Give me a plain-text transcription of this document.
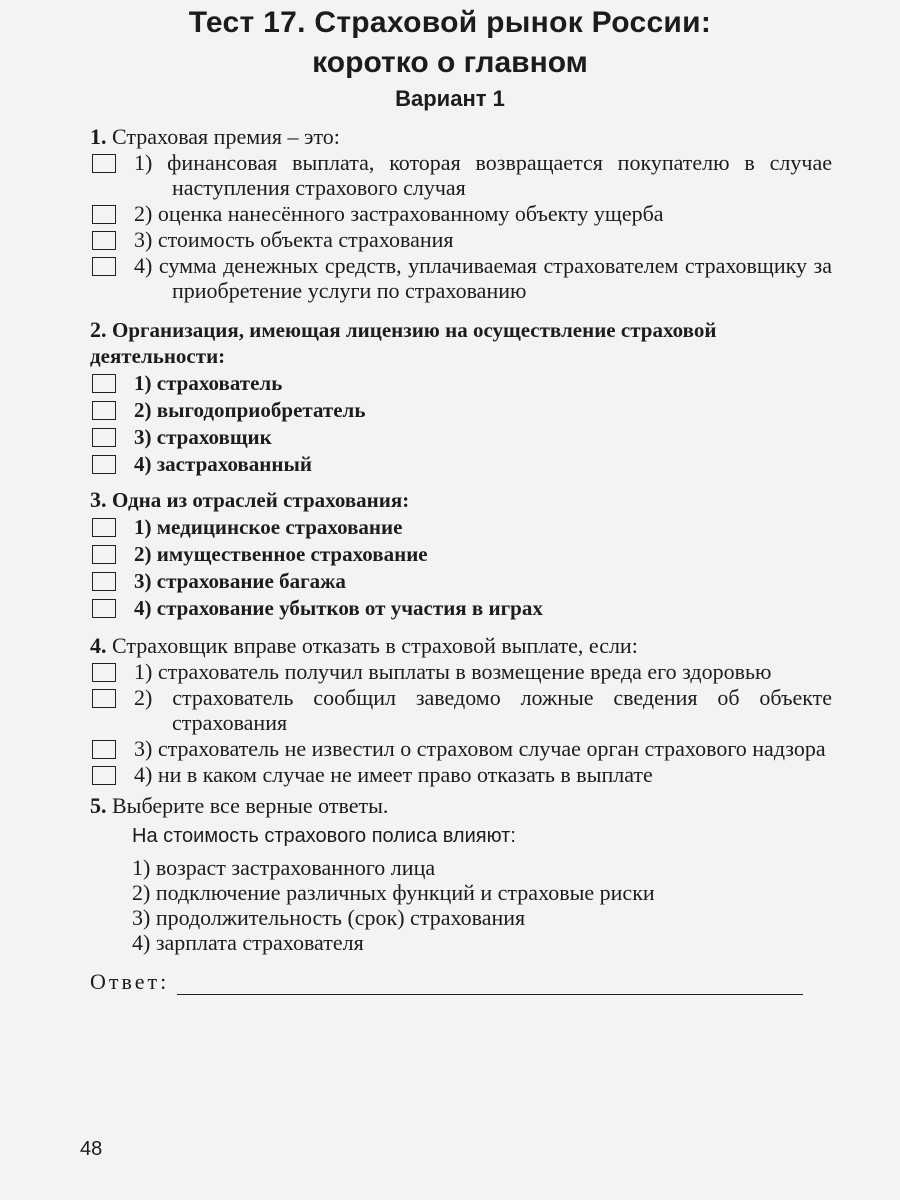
Тест 17. Страховой рынок России:
коротко о главном
Вариант 1
1. Страховая премия – это:
1) финансовая выплата, которая возвращается покупателю в случае наступления страхового случая
2) оценка нанесённого застрахованному объекту ущерба
3) стоимость объекта страхования
4) сумма денежных средств, уплачиваемая страхователем страховщику за приобретение услуги по страхованию
2. Организация, имеющая лицензию на осуществление страховой деятельности:
1) страхователь
2) выгодоприобретатель
3) страховщик
4) застрахованный
3. Одна из отраслей страхования:
1) медицинское страхование
2) имущественное страхование
3) страхование багажа
4) страхование убытков от участия в играх
4. Страховщик вправе отказать в страховой выплате, если:
1) страхователь получил выплаты в возмещение вреда его здоровью
2) страхователь сообщил заведомо ложные сведения об объекте страхования
3) страхователь не известил о страховом случае орган страхового надзора
4) ни в каком случае не имеет право отказать в выплате
5. Выберите все верные ответы.
На стоимость страхового полиса влияют:
1) возраст застрахованного лица
2) подключение различных функций и страховые риски
3) продолжительность (срок) страхования
4) зарплата страхователя
Ответ:
48
